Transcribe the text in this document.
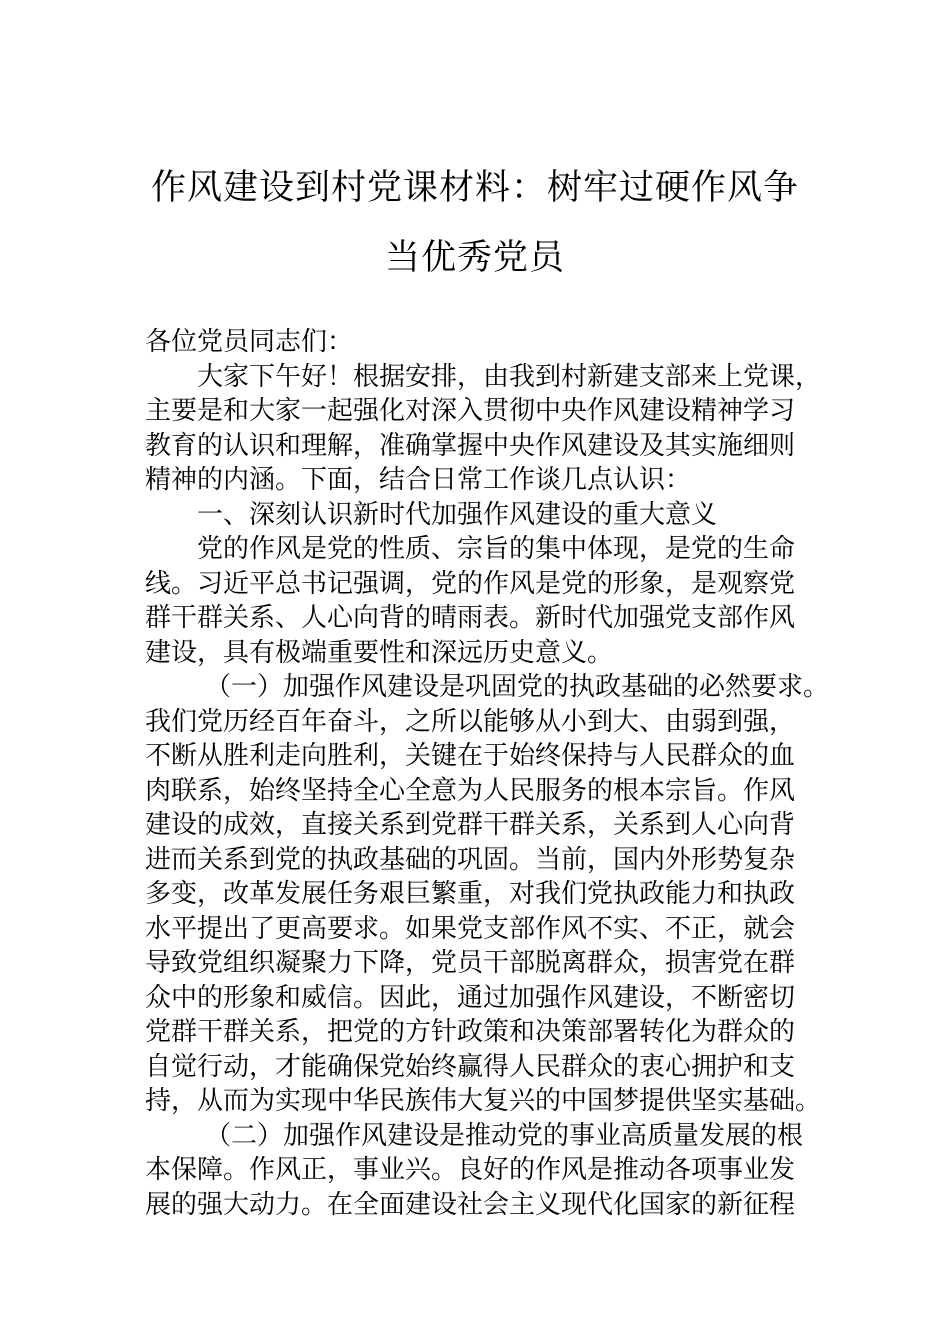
作风建设到村党课材料：树牢过硬作风争
当优秀党员
各位党员同志们：
大家下午好！根据安排，由我到村新建支部来上党课，
主要是和大家一起强化对深入贯彻中央作风建设精神学习
教育的认识和理解，准确掌握中央作风建设及其实施细则
精神的内涵。下面，结合日常工作谈几点认识：
一、深刻认识新时代加强作风建设的重大意义
党的作风是党的性质、宗旨的集中体现，是党的生命
线。习近平总书记强调，党的作风是党的形象，是观察党
群干群关系、人心向背的晴雨表。新时代加强党支部作风
建设，具有极端重要性和深远历史意义。
（一）加强作风建设是巩固党的执政基础的必然要求。
我们党历经百年奋斗，之所以能够从小到大、由弱到强，
不断从胜利走向胜利，关键在于始终保持与人民群众的血
肉联系，始终坚持全心全意为人民服务的根本宗旨。作风
建设的成效，直接关系到党群干群关系，关系到人心向背
进而关系到党的执政基础的巩固。当前，国内外形势复杂
多变，改革发展任务艰巨繁重，对我们党执政能力和执政
水平提出了更高要求。如果党支部作风不实、不正，就会
导致党组织凝聚力下降，党员干部脱离群众，损害党在群
众中的形象和威信。因此，通过加强作风建设，不断密切
党群干群关系，把党的方针政策和决策部署转化为群众的
自觉行动，才能确保党始终赢得人民群众的衷心拥护和支
持，从而为实现中华民族伟大复兴的中国梦提供坚实基础。
（二）加强作风建设是推动党的事业高质量发展的根
本保障。作风正，事业兴。良好的作风是推动各项事业发
展的强大动力。在全面建设社会主义现代化国家的新征程
